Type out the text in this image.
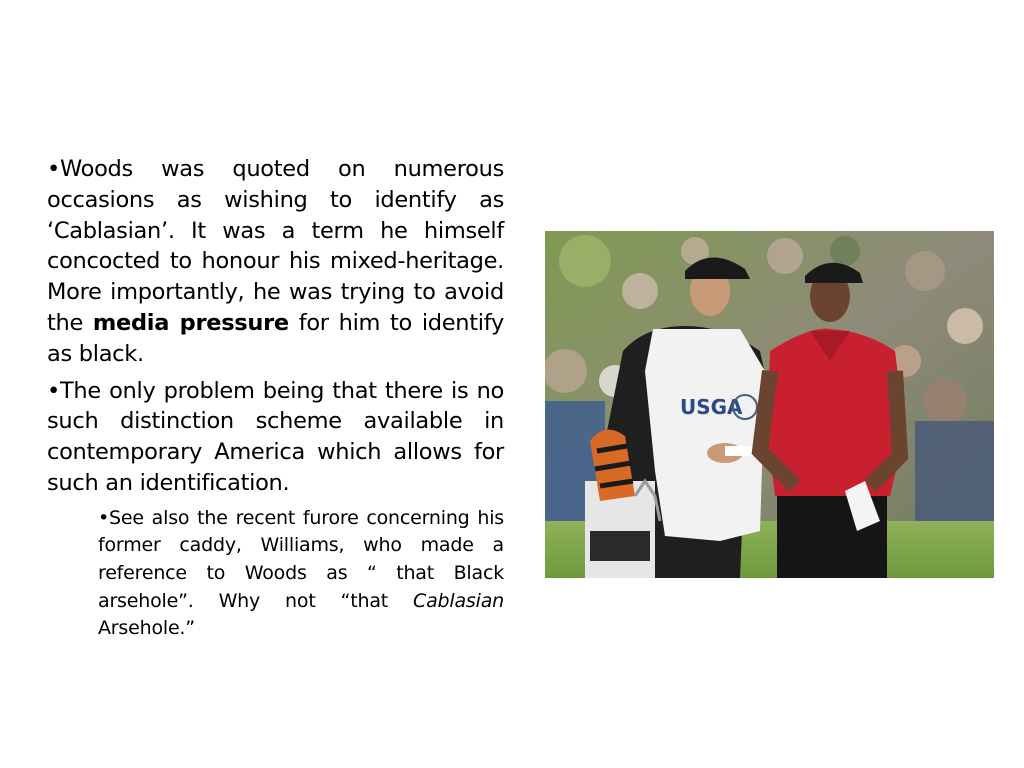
•Woods was quoted on numerous occasions as wishing to identify as ‘Cablasian’. It was a term he himself concocted to honour his mixed-heritage. More importantly, he was trying to avoid the media pressure for him to identify as black.

•The only problem being that there is no such distinction scheme available in contemporary America which allows for such an identification.

•See also the recent furore concerning his former caddy, Williams, who made a reference to Woods as “ that Black arsehole”. Why not “that Cablasian Arsehole.”

USGA
